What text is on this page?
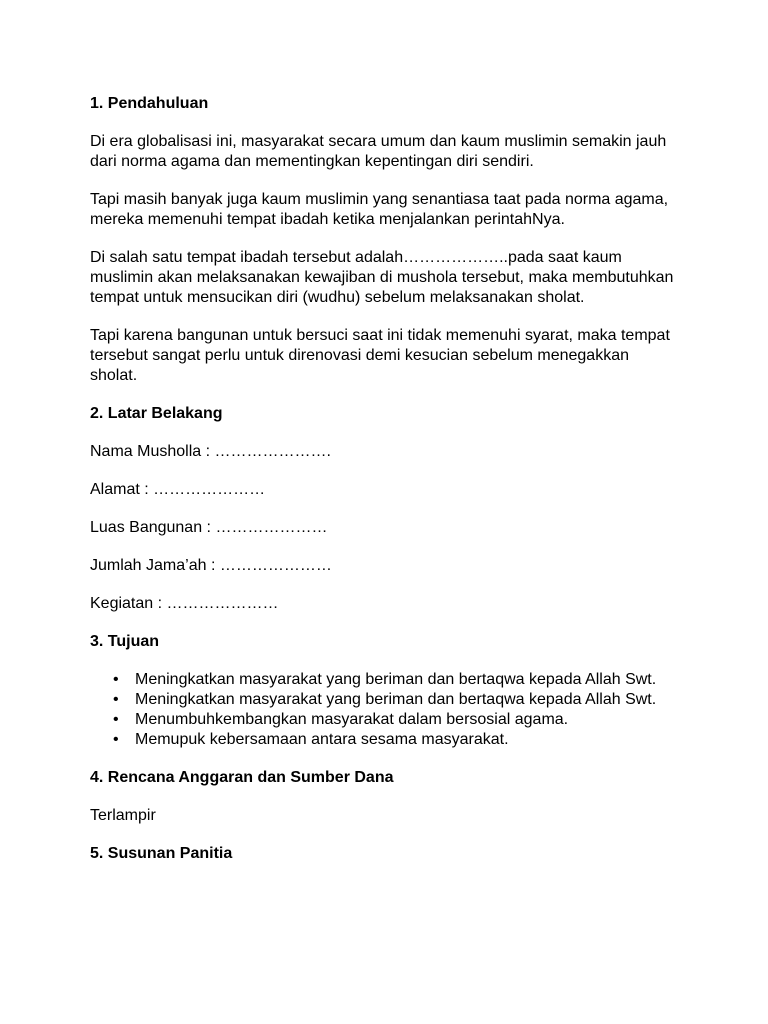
1. Pendahuluan

Di era globalisasi ini, masyarakat secara umum dan kaum muslimin semakin jauh dari norma agama dan mementingkan kepentingan diri sendiri.

Tapi masih banyak juga kaum muslimin yang senantiasa taat pada norma agama, mereka memenuhi tempat ibadah ketika menjalankan perintahNya.

Di salah satu tempat ibadah tersebut adalah………………..pada saat kaum muslimin akan melaksanakan kewajiban di mushola tersebut, maka membutuhkan tempat untuk mensucikan diri (wudhu) sebelum melaksanakan sholat.

Tapi karena bangunan untuk bersuci saat ini tidak memenuhi syarat, maka tempat tersebut sangat perlu untuk direnovasi demi kesucian sebelum menegakkan sholat.

2. Latar Belakang

Nama Musholla : ………………….

Alamat : …………………

Luas Bangunan : …………………

Jumlah Jama’ah : …………………

Kegiatan : …………………

3. Tujuan
• Meningkatkan masyarakat yang beriman dan bertaqwa kepada Allah Swt.
• Meningkatkan masyarakat yang beriman dan bertaqwa kepada Allah Swt.
• Menumbuhkembangkan masyarakat dalam bersosial agama.
• Memupuk kebersamaan antara sesama masyarakat.
4. Rencana Anggaran dan Sumber Dana

Terlampir

5. Susunan Panitia
